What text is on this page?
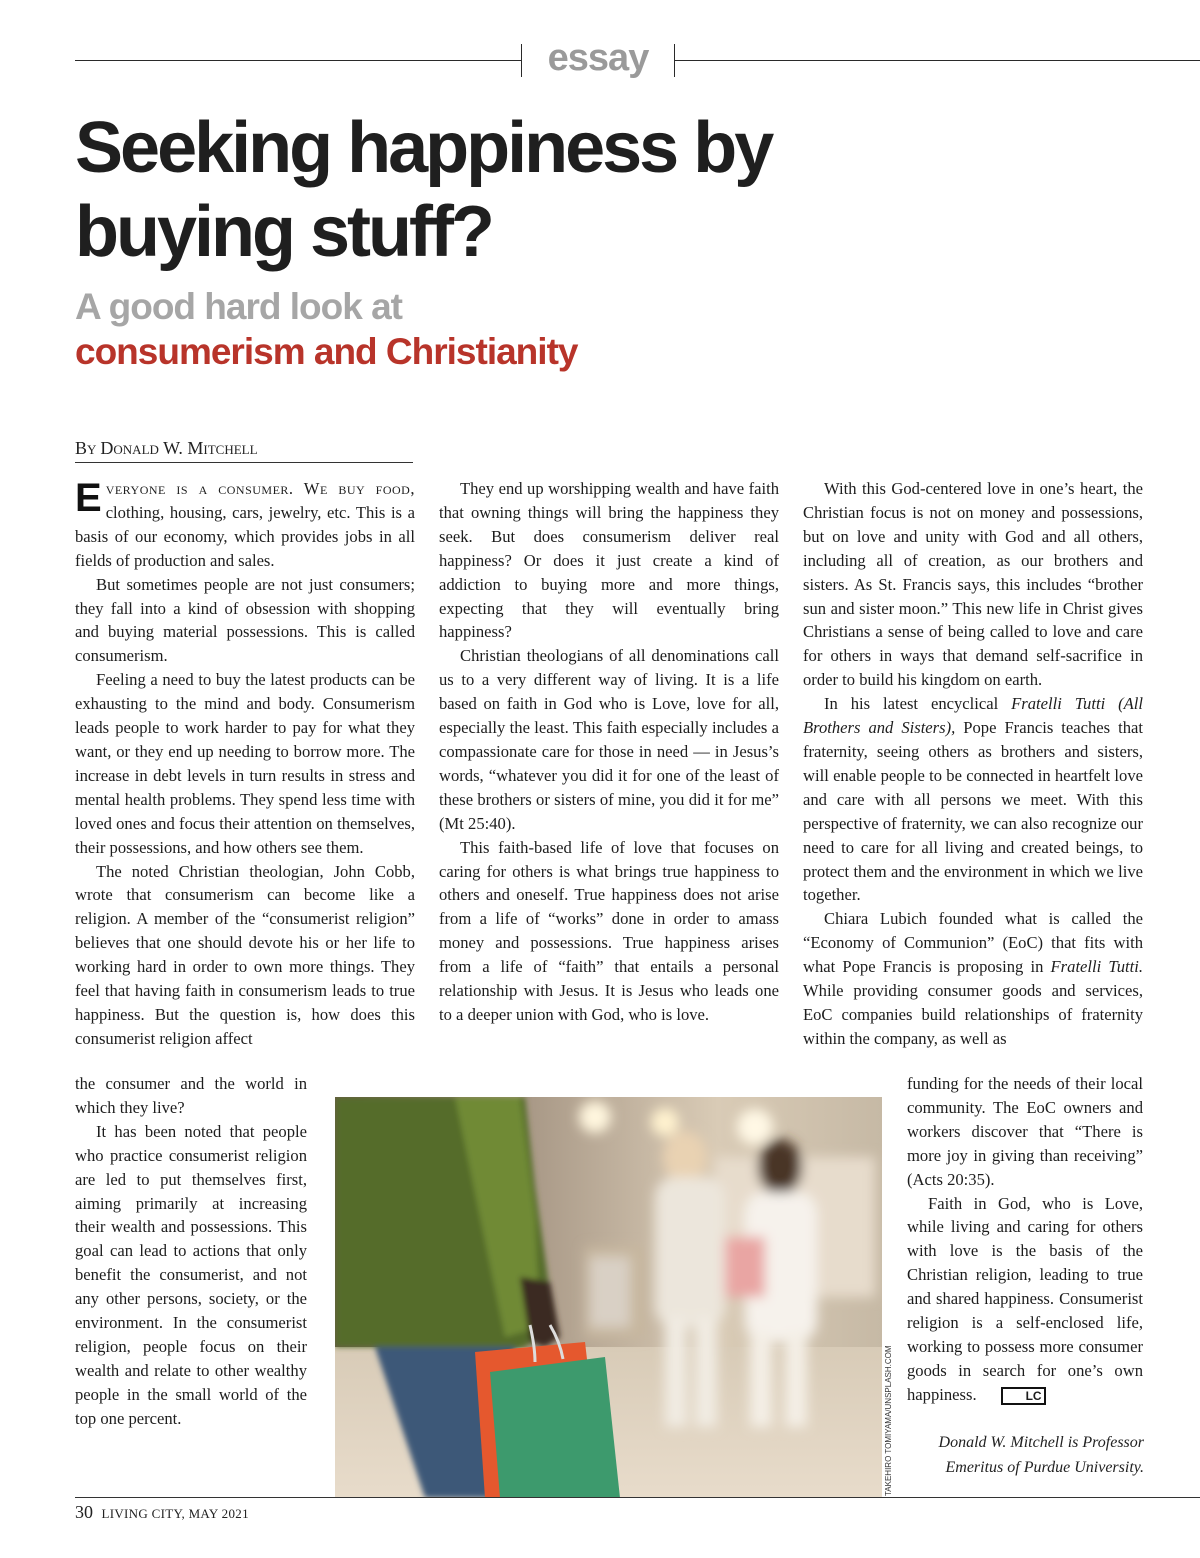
essay
Seeking happiness by buying stuff?
A good hard look at
consumerism and Christianity
By Donald W. Mitchell

Everyone is a consumer. We buy food, clothing, housing, cars, jewelry, etc. This is a basis of our economy, which provides jobs in all fields of production and sales.

But sometimes people are not just consumers; they fall into a kind of obsession with shopping and buying material possessions. This is called consumerism.

Feeling a need to buy the latest products can be exhausting to the mind and body. Consumerism leads people to work harder to pay for what they want, or they end up needing to borrow more. The increase in debt levels in turn results in stress and mental health problems. They spend less time with loved ones and focus their attention on themselves, their possessions, and how others see them.

The noted Christian theologian, John Cobb, wrote that consumerism can become like a religion. A member of the “consumerist religion” believes that one should devote his or her life to working hard in order to own more things. They feel that having faith in consumerism leads to true happiness. But the question is, how does this consumerist religion affect

the consumer and the world in which they live?

It has been noted that people who practice consumerist religion are led to put themselves first, aiming primarily at increasing their wealth and possessions. This goal can lead to actions that only benefit the consumerist, and not any other persons, society, or the environment. In the consumerist religion, people focus on their wealth and relate to other wealthy people in the small world of the top one percent.

They end up worshipping wealth and have faith that owning things will bring the happiness they seek. But does consumerism deliver real happiness? Or does it just create a kind of addiction to buying more and more things, expecting that they will eventually bring happiness?

Christian theologians of all denominations call us to a very different way of living. It is a life based on faith in God who is Love, love for all, especially the least. This faith especially includes a compassionate care for those in need — in Jesus’s words, “whatever you did it for one of the least of these brothers or sisters of mine, you did it for me” (Mt 25:40).

This faith-based life of love that focuses on caring for others is what brings true happiness to others and oneself. True happiness does not arise from a life of “works” done in order to amass money and possessions. True happiness arises from a life of “faith” that entails a personal relationship with Jesus. It is Jesus who leads one to a deeper union with God, who is love.

With this God-centered love in one’s heart, the Christian focus is not on money and possessions, but on love and unity with God and all others, including all of creation, as our brothers and sisters. As St. Francis says, this includes “brother sun and sister moon.” This new life in Christ gives Christians a sense of being called to love and care for others in ways that demand self-sacrifice in order to build his kingdom on earth.

In his latest encyclical Fratelli Tutti (All Brothers and Sisters), Pope Francis teaches that fraternity, seeing others as brothers and sisters, will enable people to be connected in heartfelt love and care with all persons we meet. With this perspective of fraternity, we can also recognize our need to care for all living and created beings, to protect them and the environment in which we live together.

Chiara Lubich founded what is called the “Economy of Communion” (EoC) that fits with what Pope Francis is proposing in Fratelli Tutti. While providing consumer goods and services, EoC companies build relationships of fraternity within the company, as well as

funding for the needs of their local community. The EoC owners and workers discover that “There is more joy in giving than receiving” (Acts 20:35).

Faith in God, who is Love, while living and caring for others with love is the basis of the Christian religion, leading to true and shared happiness. Consumerist religion is a self-enclosed life, working to possess more consumer goods in search for one’s own happiness.	LC

TAKEHIRO TOMIYAMA/UNSPLASH.COM	Donald W. Mitchell is Professor Emeritus of Purdue University.
30 LIVING CITY, MAY 2021
